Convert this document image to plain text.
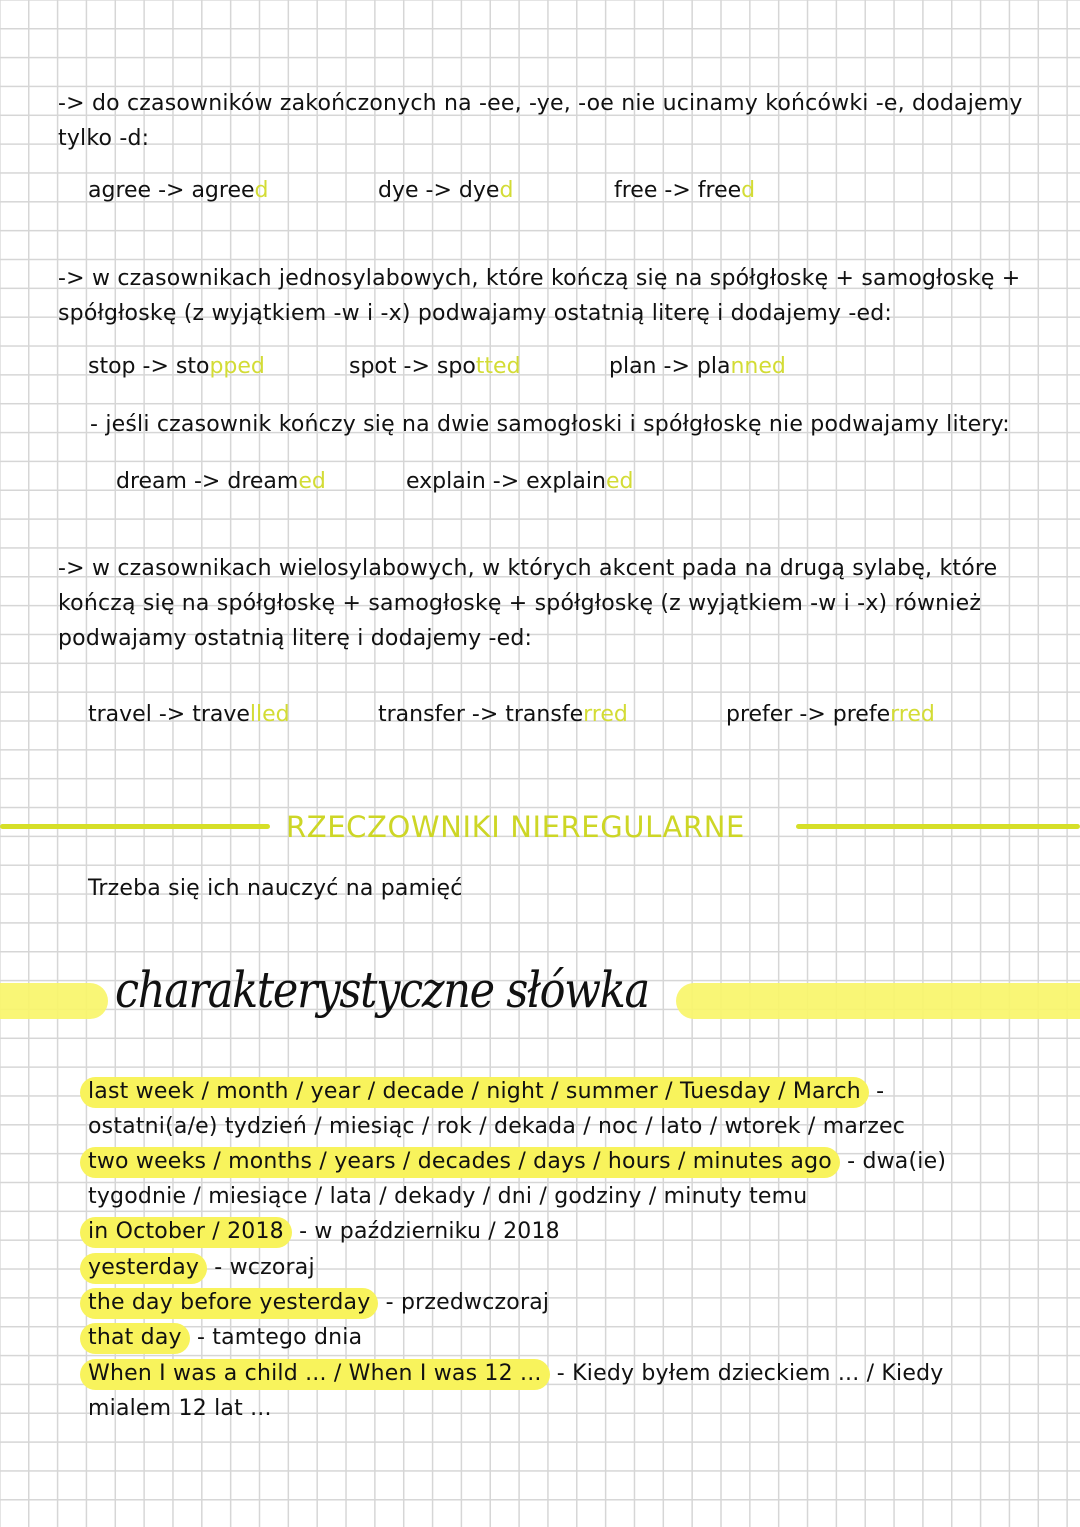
-> do czasowników zakończonych na -ee, -ye, -oe nie ucinamy końcówki -e, dodajemy
tylko -d:
agree -> agreed	dye -> dyed	free -> freed
-> w czasownikach jednosylabowych, które kończą się na spółgłoskę + samogłoskę +
spółgłoskę (z wyjątkiem -w i -x) podwajamy ostatnią literę i dodajemy -ed:
stop -> stopped	spot -> spotted	plan -> planned
- jeśli czasownik kończy się na dwie samogłoski i spółgłoskę nie podwajamy litery:
dream -> dreamed	explain -> explained
-> w czasownikach wielosylabowych, w których akcent pada na drugą sylabę, które
kończą się na spółgłoskę + samogłoskę + spółgłoskę (z wyjątkiem -w i -x) również
podwajamy ostatnią literę i dodajemy -ed:
travel -> travelled	transfer -> transferred	prefer -> preferred
RZECZOWNIKI NIEREGULARNE
Trzeba się ich nauczyć na pamięć
charakterystyczne słówka
last week / month / year / decade / night / summer / Tuesday / March -
ostatni(a/e) tydzień / miesiąc / rok / dekada / noc / lato / wtorek / marzec
two weeks / months / years / decades / days / hours / minutes ago - dwa(ie)
tygodnie / miesiące / lata / dekady / dni / godziny / minuty temu
in October / 2018 - w październiku / 2018
yesterday - wczoraj
the day before yesterday - przedwczoraj
that day - tamtego dnia
When I was a child ... / When I was 12 ... - Kiedy byłem dzieckiem ... / Kiedy
mialem 12 lat ...
